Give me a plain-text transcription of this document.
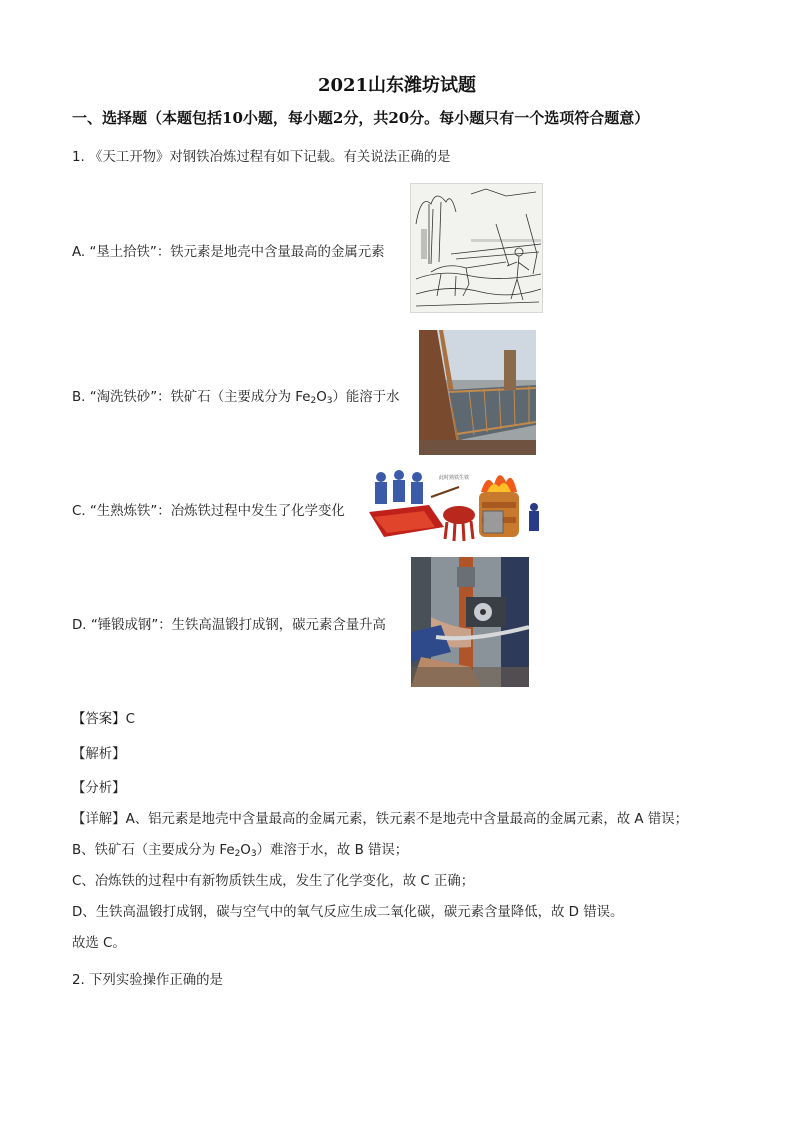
2021山东潍坊试题
一、选择题（本题包括10小题，每小题2分，共20分。每小题只有一个选项符合题意）
1. 《天工开物》对钢铁冶炼过程有如下记载。有关说法正确的是
A. “垦土拾铁”：铁元素是地壳中含量最高的金属元素
B. “淘洗铁砂”：铁矿石（主要成分为 $Fe_2O_3$）能溶于水
C. “生熟炼铁”：冶炼铁过程中发生了化学变化
此时熟铁生铁
D. “锤锻成钢”：生铁高温锻打成钢，碳元素含量升高
【答案】C
【解析】
【分析】
【详解】A、铝元素是地壳中含量最高的金属元素，铁元素不是地壳中含量最高的金属元素，故 A 错误；
B、铁矿石（主要成分为 $Fe_2O_3$）难溶于水，故 B 错误；
C、冶炼铁的过程中有新物质铁生成，发生了化学变化，故 C 正确；
D、生铁高温锻打成钢，碳与空气中的氧气反应生成二氧化碳，碳元素含量降低，故 D 错误。
故选 C。
2. 下列实验操作正确的是
